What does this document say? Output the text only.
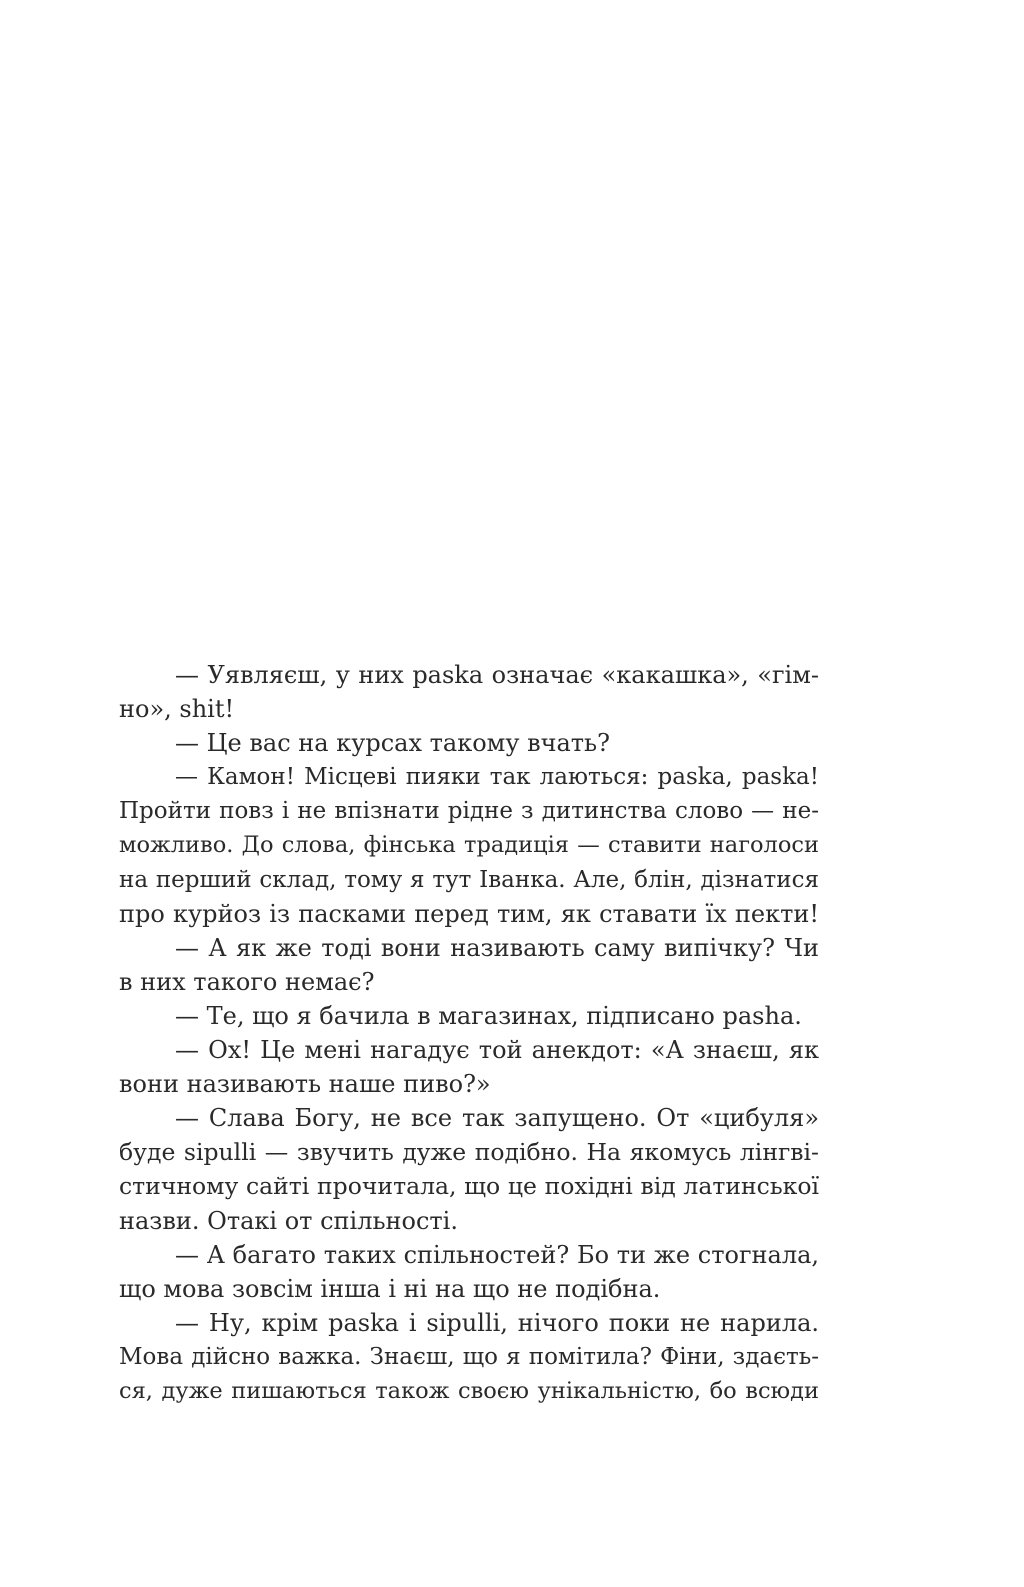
— Уявляєш, у них paska означає «какашка», «гім-
но», shit!
— Це вас на курсах такому вчать?
— Камон! Місцеві пияки так лаються: paska, paska!
Пройти повз і не впізнати рідне з дитинства слово — не-
можливо. До слова, фінська традиція — ставити наголоси
на перший склад, тому я тут Іванка. Але, блін, дізнатися
про курйоз із пасками перед тим, як ставати їх пекти!
— А як же тоді вони називають саму випічку? Чи
в них такого немає?
— Те, що я бачила в магазинах, підписано pasha.
— Ох! Це мені нагадує той анекдот: «А знаєш, як
вони називають наше пиво?»
— Слава Богу, не все так запущено. От «цибуля»
буде sipulli — звучить дуже подібно. На якомусь лінгві-
стичному сайті прочитала, що це похідні від латинської
назви. Отакі от спільності.
— А багато таких спільностей? Бо ти же стогнала,
що мова зовсім інша і ні на що не подібна.
— Ну, крім paska і sipulli, нічого поки не нарила.
Мова дійсно важка. Знаєш, що я помітила? Фіни, здаєть-
ся, дуже пишаються також своєю унікальністю, бо всюди
